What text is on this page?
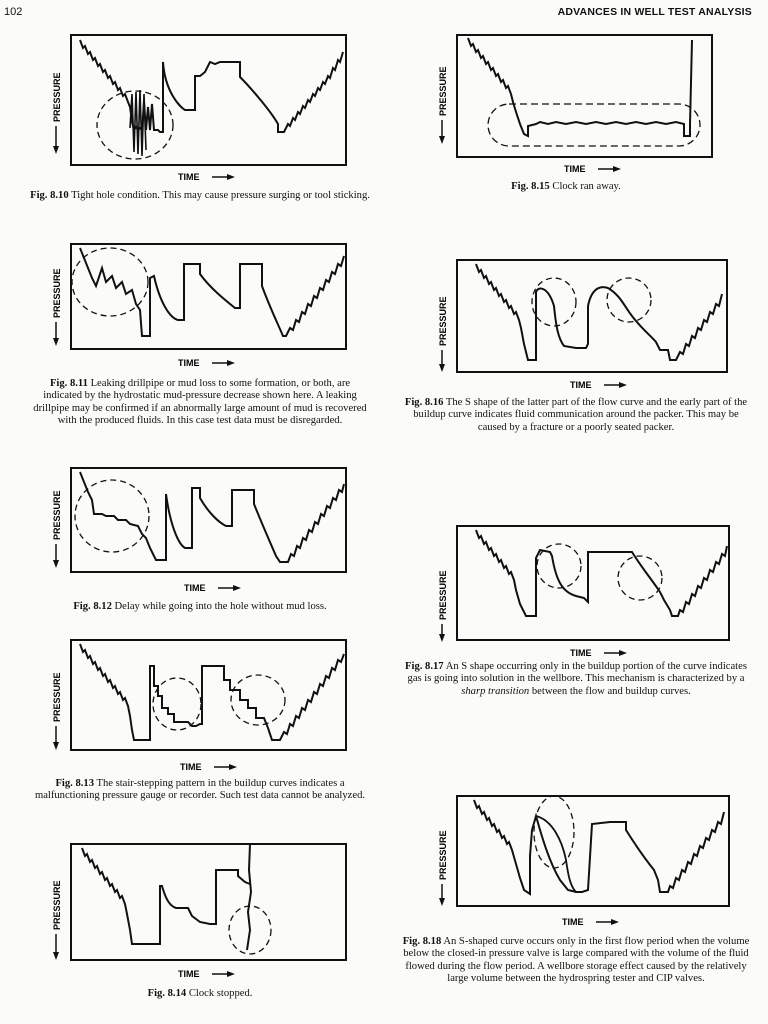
102	ADVANCES IN WELL TEST ANALYSIS
PRESSURE
TIME
Fig. 8.10 Tight hole condition. This may cause pressure surging or tool sticking.
PRESSURE
TIME
Fig. 8.11 Leaking drillpipe or mud loss to some formation, or both, are indicated by the hydrostatic mud-pressure decrease shown here. A leaking drillpipe may be confirmed if an abnormally large amount of mud is recovered with the produced fluids. In this case test data must be disregarded.
PRESSURE
TIME
Fig. 8.12 Delay while going into the hole without mud loss.
PRESSURE
TIME
Fig. 8.13 The stair-stepping pattern in the buildup curves indicates a malfunctioning pressure gauge or recorder. Such test data cannot be analyzed.
PRESSURE
TIME
Fig. 8.14 Clock stopped.
PRESSURE
TIME
Fig. 8.15 Clock ran away.
PRESSURE
TIME
Fig. 8.16 The S shape of the latter part of the flow curve and the early part of the buildup curve indicates fluid communication around the packer. This may be caused by a fracture or a poorly seated packer.
PRESSURE
TIME
Fig. 8.17 An S shape occurring only in the buildup portion of the curve indicates gas is going into solution in the wellbore. This mechanism is characterized by a sharp transition between the flow and buildup curves.
PRESSURE
TIME
Fig. 8.18 An S-shaped curve occurs only in the first flow period when the volume below the closed-in pressure valve is large compared with the volume of the fluid flowed during the flow period. A wellbore storage effect caused by the relatively large volume between the hydrospring tester and CIP valves.
